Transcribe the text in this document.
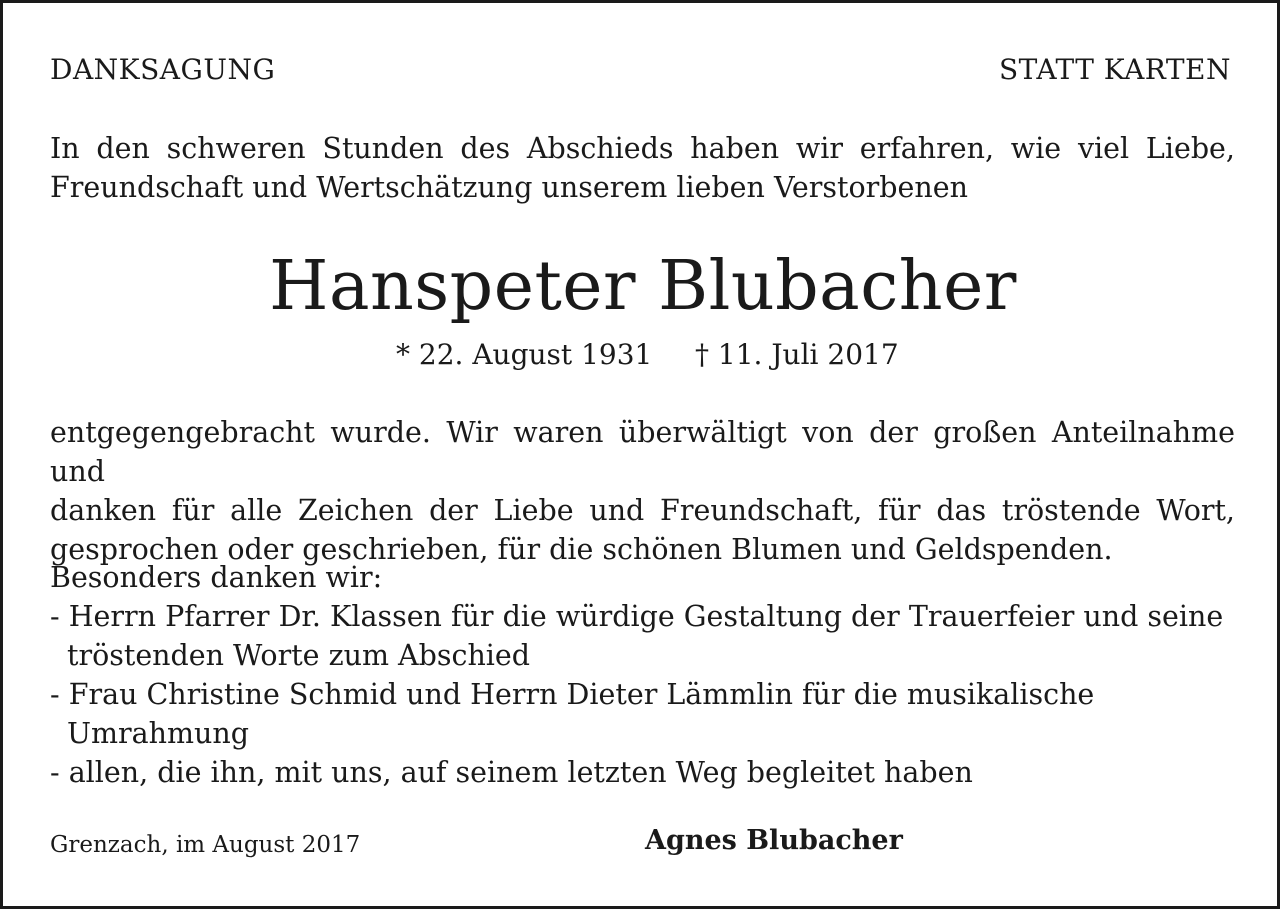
DANKSAGUNG	STATT KARTEN
In den schweren Stunden des Abschieds haben wir erfahren, wie viel Liebe,
Freundschaft und Wertschätzung unserem lieben Verstorbenen
Hanspeter Blubacher
* 22. August 1931 † 11. Juli 2017
entgegengebracht wurde. Wir waren überwältigt von der großen Anteilnahme und
danken für alle Zeichen der Liebe und Freundschaft, für das tröstende Wort,
gesprochen oder geschrieben, für die schönen Blumen und Geldspenden.
Besonders danken wir:
- Herrn Pfarrer Dr. Klassen für die würdige Gestaltung der Trauerfeier und seine
tröstenden Worte zum Abschied
- Frau Christine Schmid und Herrn Dieter Lämmlin für die musikalische
Umrahmung
- allen, die ihn, mit uns, auf seinem letzten Weg begleitet haben
Grenzach, im August 2017	Agnes Blubacher
